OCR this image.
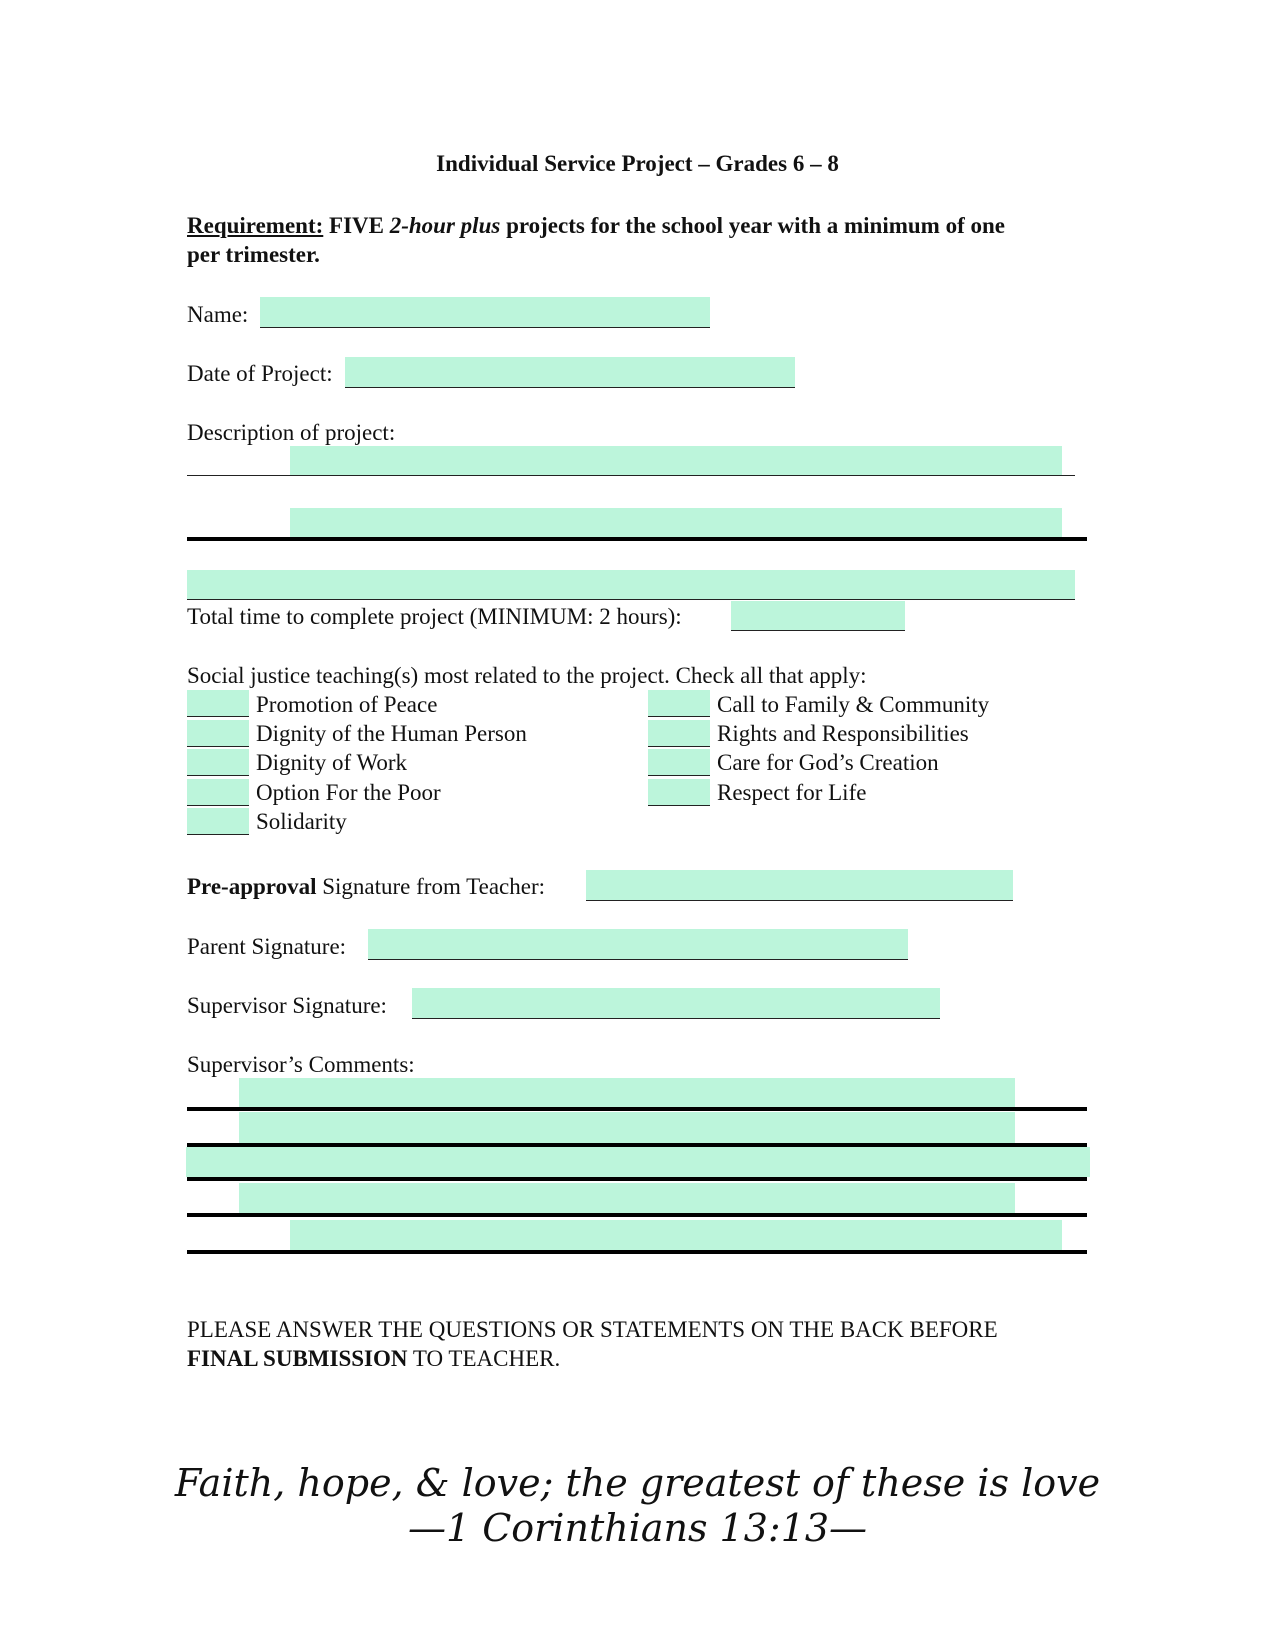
Individual Service Project – Grades 6 – 8
Requirement: FIVE 2-hour plus projects for the school year with a minimum of one
per trimester.
Name:
Date of Project:
Description of project:
Total time to complete project (MINIMUM: 2 hours):
Social justice teaching(s) most related to the project. Check all that apply:
Promotion of Peace
Dignity of the Human Person
Dignity of Work
Option For the Poor
Solidarity
Call to Family & Community
Rights and Responsibilities
Care for God’s Creation
Respect for Life
Pre-approval Signature from Teacher:
Parent Signature:
Supervisor Signature:
Supervisor’s Comments:
PLEASE ANSWER THE QUESTIONS OR STATEMENTS ON THE BACK BEFORE
FINAL SUBMISSION TO TEACHER.
Faith, hope, & love; the greatest of these is love
—1 Corinthians 13:13—
